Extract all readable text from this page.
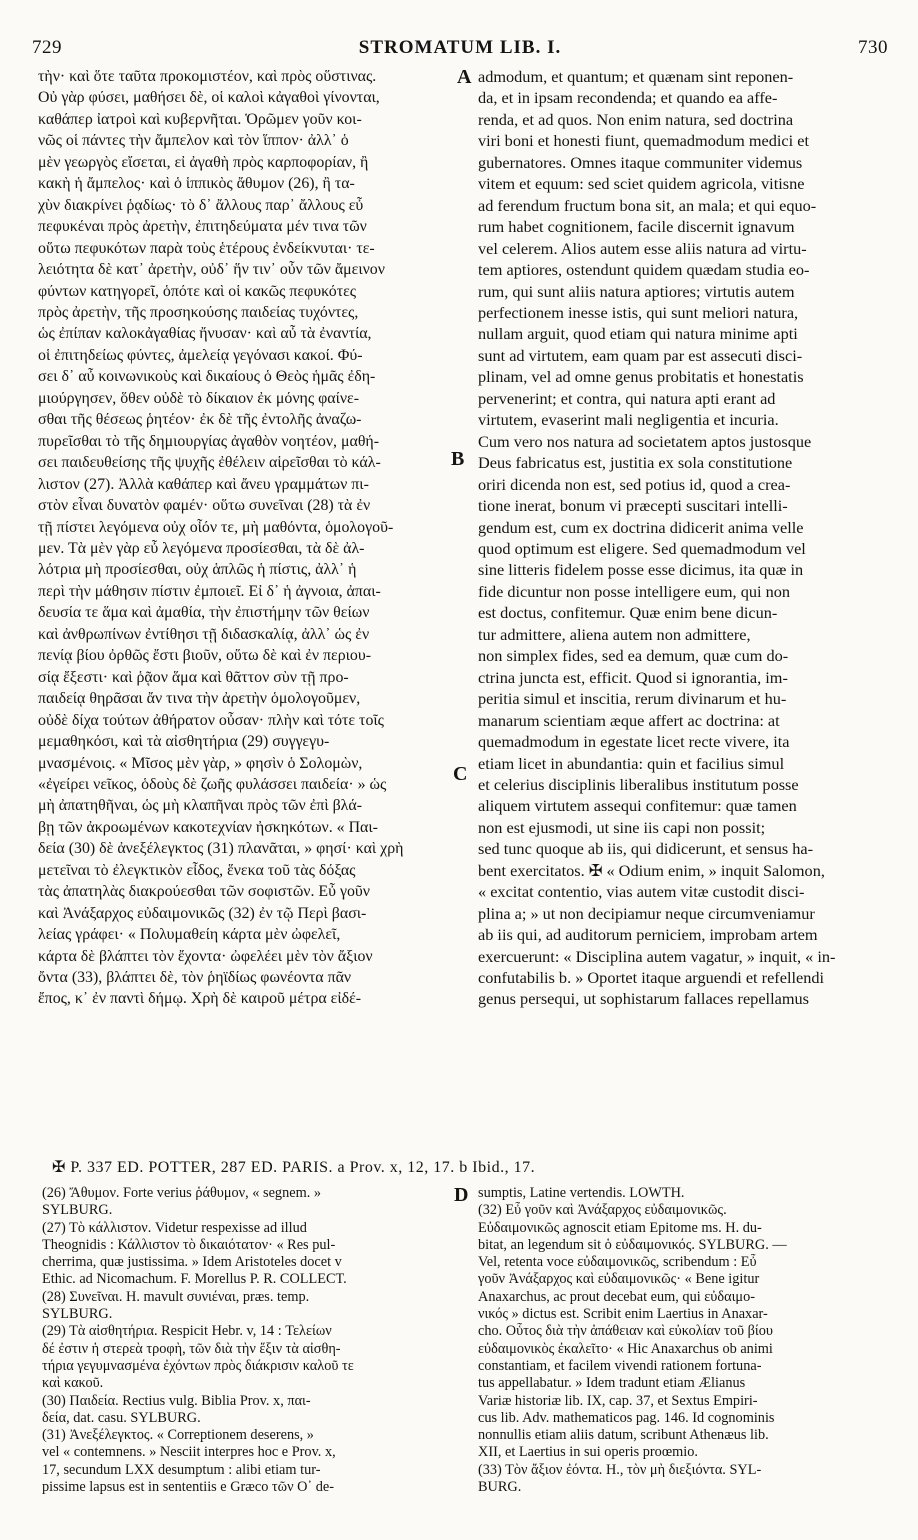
729	STROMATUM LIB. I.	730
τὴν· καὶ ὅτε ταῦτα προκομιστέον, καὶ πρὸς οὕστινας.
Οὐ γὰρ φύσει, μαθήσει δὲ, οἱ καλοὶ κἀγαθοὶ γίνονται,
καθάπερ ἰατροὶ καὶ κυβερνῆται. Ὁρῶμεν γοῦν κοι-
νῶς οἱ πάντες τὴν ἄμπελον καὶ τὸν ἵππον· ἀλλ᾽ ὁ
μὲν γεωργὸς εἴσεται, εἰ ἀγαθὴ πρὸς καρποφορίαν, ἢ
κακὴ ἡ ἄμπελος· καὶ ὁ ἱππικὸς ἄθυμον (26), ἢ τα-
χὺν διακρίνει ῥᾳδίως· τὸ δ᾽ ἄλλους παρ᾽ ἄλλους εὖ
πεφυκέναι πρὸς ἀρετὴν, ἐπιτηδεύματα μέν τινα τῶν
οὕτω πεφυκότων παρὰ τοὺς ἑτέρους ἐνδείκνυται· τε-
λειότητα δὲ κατ᾽ ἀρετὴν, οὐδ᾽ ἥν τιν᾽ οὖν τῶν ἄμεινον
φύντων κατηγορεῖ, ὁπότε καὶ οἱ κακῶς πεφυκότες
πρὸς ἀρετὴν, τῆς προσηκούσης παιδείας τυχόντες,
ὡς ἐπίπαν καλοκἀγαθίας ἤνυσαν· καὶ αὖ τὰ ἐναντία,
οἱ ἐπιτηδείως φύντες, ἀμελείᾳ γεγόνασι κακοί. Φύ-
σει δ᾽ αὖ κοινωνικοὺς καὶ δικαίους ὁ Θεὸς ἡμᾶς ἐδη-
μιούργησεν, ὅθεν οὐδὲ τὸ δίκαιον ἐκ μόνης φαίνε-
σθαι τῆς θέσεως ῥητέον· ἐκ δὲ τῆς ἐντολῆς ἀναζω-
πυρεῖσθαι τὸ τῆς δημιουργίας ἀγαθὸν νοητέον, μαθή-
σει παιδευθείσης τῆς ψυχῆς ἐθέλειν αἱρεῖσθαι τὸ κάλ-
λιστον (27). Ἀλλὰ καθάπερ καὶ ἄνευ γραμμάτων πι-
στὸν εἶναι δυνατὸν φαμέν· οὕτω συνεῖναι (28) τὰ ἐν
τῇ πίστει λεγόμενα οὐχ οἷόν τε, μὴ μαθόντα, ὁμολογοῦ-
μεν. Τὰ μὲν γὰρ εὖ λεγόμενα προσίεσθαι, τὰ δὲ ἀλ-
λότρια μὴ προσίεσθαι, οὐχ ἁπλῶς ἡ πίστις, ἀλλ᾽ ἡ
περὶ τὴν μάθησιν πίστιν ἐμποιεῖ. Εἰ δ᾽ ἡ ἀγνοια, ἀπαι-
δευσία τε ἅμα καὶ ἀμαθία, τὴν ἐπιστήμην τῶν θείων
καὶ ἀνθρωπίνων ἐντίθησι τῇ διδασκαλίᾳ, ἀλλ᾽ ὡς ἐν
πενίᾳ βίου ὀρθῶς ἔστι βιοῦν, οὕτω δὲ καὶ ἐν περιου-
σίᾳ ἔξεστι· καὶ ῥᾷον ἅμα καὶ θᾶττον σὺν τῇ προ-
παιδείᾳ θηρᾶσαι ἄν τινα τὴν ἀρετὴν ὁμολογοῦμεν,
οὐδὲ δίχα τούτων ἀθήρατον οὖσαν· πλὴν καὶ τότε τοῖς
μεμαθηκόσι, καὶ τὰ αἰσθητήρια (29) συγγεγυ-
μνασμένοις. « Μῖσος μὲν γὰρ, » φησὶν ὁ Σολομὼν,
«ἐγείρει νεῖκος, ὁδοὺς δὲ ζωῆς φυλάσσει παιδεία· » ὡς
μὴ ἀπατηθῆναι, ὡς μὴ κλαπῆναι πρὸς τῶν ἐπὶ βλά-
βῃ τῶν ἀκροωμένων κακοτεχνίαν ἠσκηκότων. « Παι-
δεία (30) δὲ ἀνεξέλεγκτος (31) πλανᾶται, » φησί· καὶ χρὴ
μετεῖναι τὸ ἐλεγκτικὸν εἶδος, ἕνεκα τοῦ τὰς δόξας
τὰς ἀπατηλὰς διακρούεσθαι τῶν σοφιστῶν. Εὖ γοῦν
καὶ Ἀνάξαρχος εὐδαιμονικῶς (32) ἐν τῷ Περὶ βασι-
λείας γράφει· « Πολυμαθείη κάρτα μὲν ὠφελεῖ,
κάρτα δὲ βλάπτει τὸν ἔχοντα· ὠφελέει μὲν τὸν ἄξιον
ὄντα (33), βλάπτει δὲ, τὸν ῥηϊδίως φωνέοντα πᾶν
ἔπος, κ᾽ ἐν παντὶ δήμῳ. Χρὴ δὲ καιροῦ μέτρα εἰδέ-
admodum, et quantum; et quænam sint reponen-
da, et in ipsam recondenda; et quando ea affe-
renda, et ad quos. Non enim natura, sed doctrina
viri boni et honesti fiunt, quemadmodum medici et
gubernatores. Omnes itaque communiter videmus
vitem et equum: sed sciet quidem agricola, vitisne
ad ferendum fructum bona sit, an mala; et qui equo-
rum habet cognitionem, facile discernit ignavum
vel celerem. Alios autem esse aliis natura ad virtu-
tem aptiores, ostendunt quidem quædam studia eo-
rum, qui sunt aliis natura aptiores; virtutis autem
perfectionem inesse istis, qui sunt meliori natura,
nullam arguit, quod etiam qui natura minime apti
sunt ad virtutem, eam quam par est assecuti disci-
plinam, vel ad omne genus probitatis et honestatis
pervenerint; et contra, qui natura apti erant ad
virtutem, evaserint mali negligentia et incuria.
Cum vero nos natura ad societatem aptos justosque
Deus fabricatus est, justitia ex sola constitutione
oriri dicenda non est, sed potius id, quod a crea-
tione inerat, bonum vi præcepti suscitari intelli-
gendum est, cum ex doctrina didicerit anima velle
quod optimum est eligere. Sed quemadmodum vel
sine litteris fidelem posse esse dicimus, ita quæ in
fide dicuntur non posse intelligere eum, qui non
est doctus, confitemur. Quæ enim bene dicun-
tur admittere, aliena autem non admittere,
non simplex fides, sed ea demum, quæ cum do-
ctrina juncta est, efficit. Quod si ignorantia, im-
peritia simul et inscitia, rerum divinarum et hu-
manarum scientiam æque affert ac doctrina: at
quemadmodum in egestate licet recte vivere, ita
etiam licet in abundantia: quin et facilius simul
et celerius disciplinis liberalibus institutum posse
aliquem virtutem assequi confitemur: quæ tamen
non est ejusmodi, ut sine iis capi non possit;
sed tunc quoque ab iis, qui didicerunt, et sensus ha-
bent exercitatos. ✠ « Odium enim, » inquit Salomon,
« excitat contentio, vias autem vitæ custodit disci-
plina a; » ut non decipiamur neque circumveniamur
ab iis qui, ad auditorum perniciem, improbam artem
exercuerunt: « Disciplina autem vagatur, » inquit, « in-
confutabilis b. » Oportet itaque arguendi et refellendi
genus persequi, ut sophistarum fallaces repellamus
A
B
C
D
✠ P. 337 ED. POTTER, 287 ED. PARIS. a Prov. x, 12, 17. b Ibid., 17.
(26) Ἄθυμον. Forte verius ῥάθυμον, « segnem. »
SYLBURG.
(27) Τὸ κάλλιστον. Videtur respexisse ad illud
Theognidis : Κάλλιστον τὸ δικαιότατον· « Res pul-
cherrima, quæ justissima. » Idem Aristoteles docet v
Ethic. ad Nicomachum. F. Morellus P. R. COLLECT.
(28) Συνεῖναι. H. mavult συνιέναι, præs. temp.
SYLBURG.
(29) Τὰ αἰσθητήρια. Respicit Hebr. v, 14 : Τελείων
δέ ἐστιν ἡ στερεὰ τροφὴ, τῶν διὰ τὴν ἕξιν τὰ αἰσθη-
τήρια γεγυμνασμένα ἐχόντων πρὸς διάκρισιν καλοῦ τε
καὶ κακοῦ.
(30) Παιδεία. Rectius vulg. Biblia Prov. x, παι-
δεία, dat. casu. SYLBURG.
(31) Ἀνεξέλεγκτος. « Correptionem deserens, »
vel « contemnens. » Nesciit interpres hoc e Prov. x,
17, secundum LXX desumptum : alibi etiam tur-
pissime lapsus est in sententiis e Græco τῶν Ο᾽ de-
sumptis, Latine vertendis. LOWTH.
(32) Εὖ γοῦν καὶ Ἀνάξαρχος εὐδαιμονικῶς.
Εὐδαιμονικῶς agnoscit etiam Epitome ms. H. du-
bitat, an legendum sit ὁ εὐδαιμονικός. SYLBURG. —
Vel, retenta voce εὐδαιμονικῶς, scribendum : Εὖ
γοῦν Ἀνάξαρχος καὶ εὐδαιμονικῶς· « Bene igitur
Anaxarchus, ac prout decebat eum, qui εὐδαιμο-
νικός » dictus est. Scribit enim Laertius in Anaxar-
cho. Οὗτος διὰ τὴν ἀπάθειαν καὶ εὐκολίαν τοῦ βίου
εὐδαιμονικὸς ἐκαλεῖτο· « Hic Anaxarchus ob animi
constantiam, et facilem vivendi rationem fortuna-
tus appellabatur. » Idem tradunt etiam Ælianus
Variæ historiæ lib. IX, cap. 37, et Sextus Empiri-
cus lib. Adv. mathematicos pag. 146. Id cognominis
nonnullis etiam aliis datum, scribunt Athenæus lib.
XII, et Laertius in sui operis proœmio.
(33) Τὸν ἄξιον ἐόντα. H., τὸν μὴ διεξιόντα. SYL-
BURG.
